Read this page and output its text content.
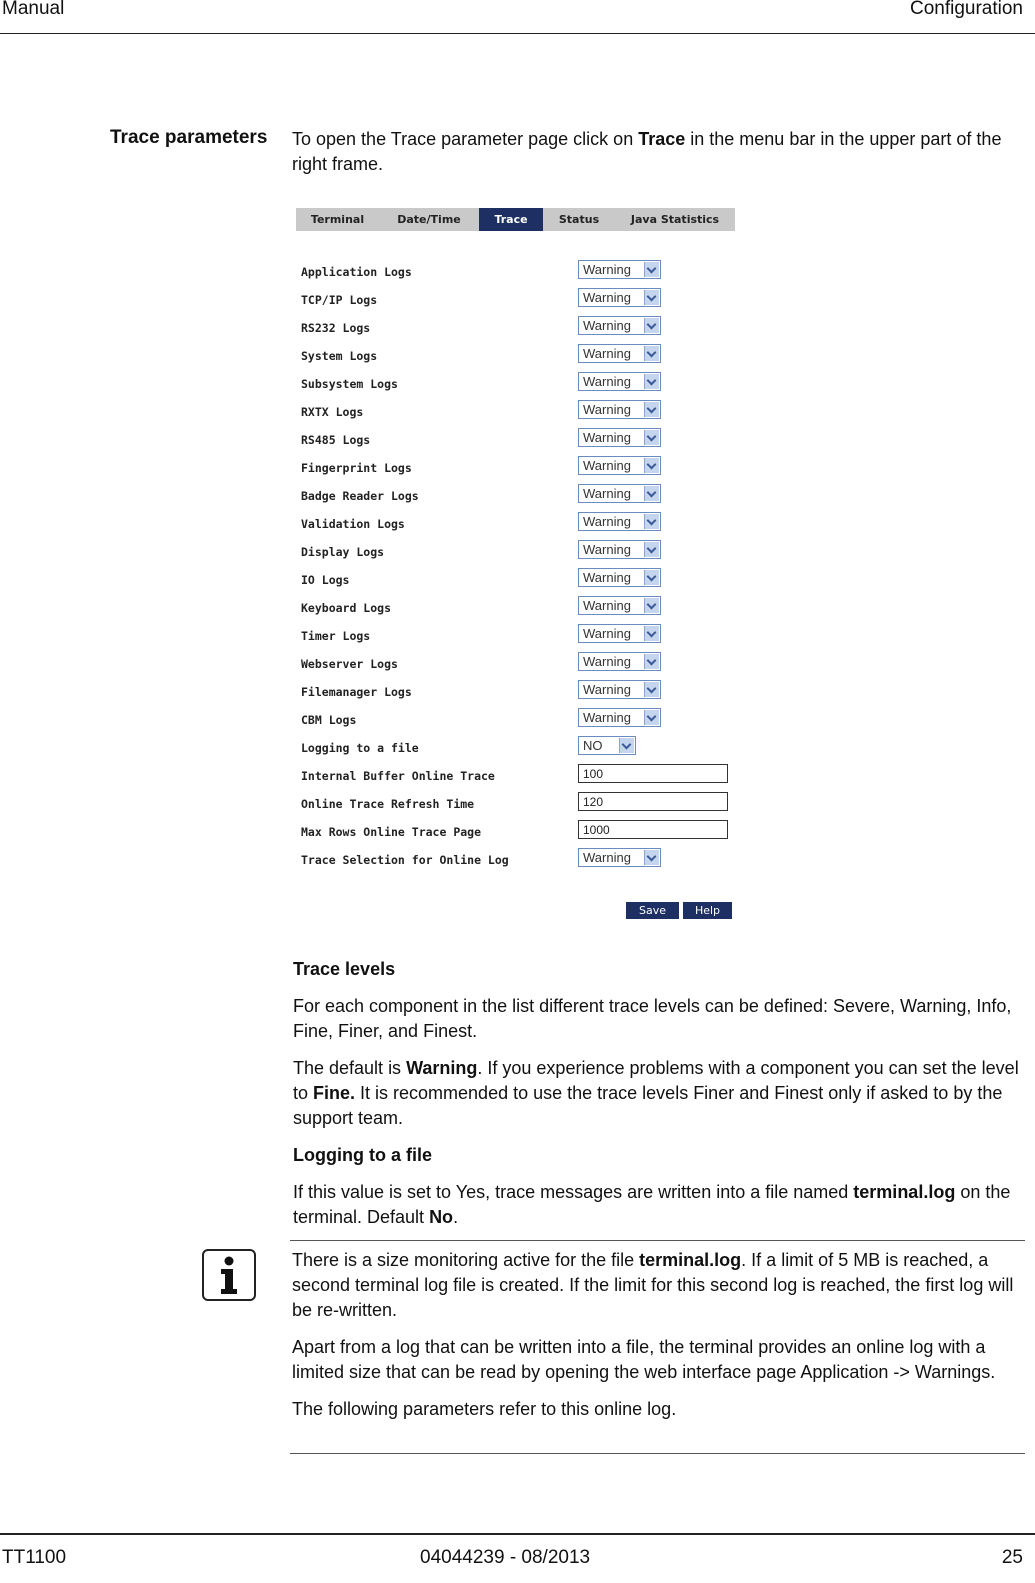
Manual	Configuration
Trace parameters To open the Trace parameter page click on Trace in the menu bar in the upper part of the right frame.
Terminal	Date/Time	Trace	Status	Java Statistics
Application Logs	Warning
TCP/IP Logs	Warning
RS232 Logs	Warning
System Logs	Warning
Subsystem Logs	Warning
RXTX Logs	Warning
RS485 Logs	Warning
Fingerprint Logs	Warning
Badge Reader Logs	Warning
Validation Logs	Warning
Display Logs	Warning
IO Logs	Warning
Keyboard Logs	Warning
Timer Logs	Warning
Webserver Logs	Warning
Filemanager Logs	Warning
CBM Logs	Warning
Logging to a file	NO
Internal Buffer Online Trace	100
Online Trace Refresh Time	120
Max Rows Online Trace Page	1000
Trace Selection for Online Log	Warning
Save	Help

Trace levels

For each component in the list different trace levels can be defined: Severe, Warning, Info, Fine, Finer, and Finest.

The default is Warning. If you experience problems with a component you can set the level to Fine. It is recommended to use the trace levels Finer and Finest only if asked to by the support team.

Logging to a file

If this value is set to Yes, trace messages are written into a file named terminal.log on the terminal. Default No.

There is a size monitoring active for the file terminal.log. If a limit of 5 MB is reached, a second terminal log file is created. If the limit for this second log is reached, the first log will be re-written.

Apart from a log that can be written into a file, the terminal provides an online log with a limited size that can be read by opening the web interface page Application -> Warnings.

The following parameters refer to this online log.

TT1100	04044239 - 08/2013	25
